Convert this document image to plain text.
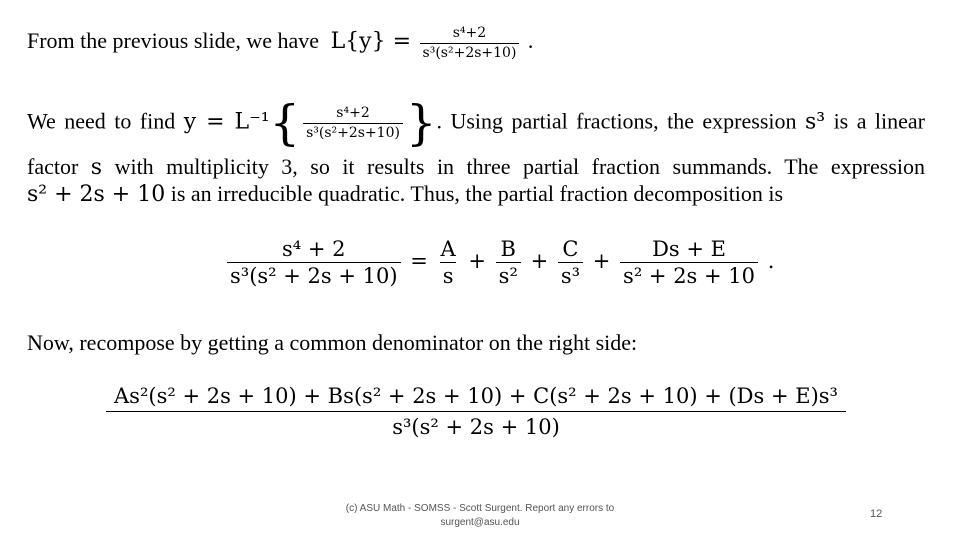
From the previous slide, we have $L\{y\} = \frac{\text{s⁴+2}}{\text{s³(s²+2s+10)}}$ .
We need to find $y = L^{-1}\{ \frac{\text{s⁴+2}}{\text{s³(s²+2s+10)}}$ }. Using partial fractions, the expression s³ is a linear
factor s with multiplicity 3, so it results in three partial fraction summands. The expression
s² + 2s + 10 is an irreducible quadratic. Thus, the partial fraction decomposition is
$\frac{\text{s⁴ + 2}}{\text{s³(s² + 2s + 10)}} = \frac{A}{s} + \frac{B}{\text{s²}} + \frac{C}{\text{s³}} + \frac{Ds + E}{\text{s² + 2s + 10}}$ .
Now, recompose by getting a common denominator on the right side:
As²(s² + 2s + 10) + Bs(s² + 2s + 10) + C(s² + 2s + 10) + (Ds + E)s³
s³(s² + 2s + 10)
(c) ASU Math - SOMSS - Scott Surgent. Report any errors to
surgent@asu.edu
12
